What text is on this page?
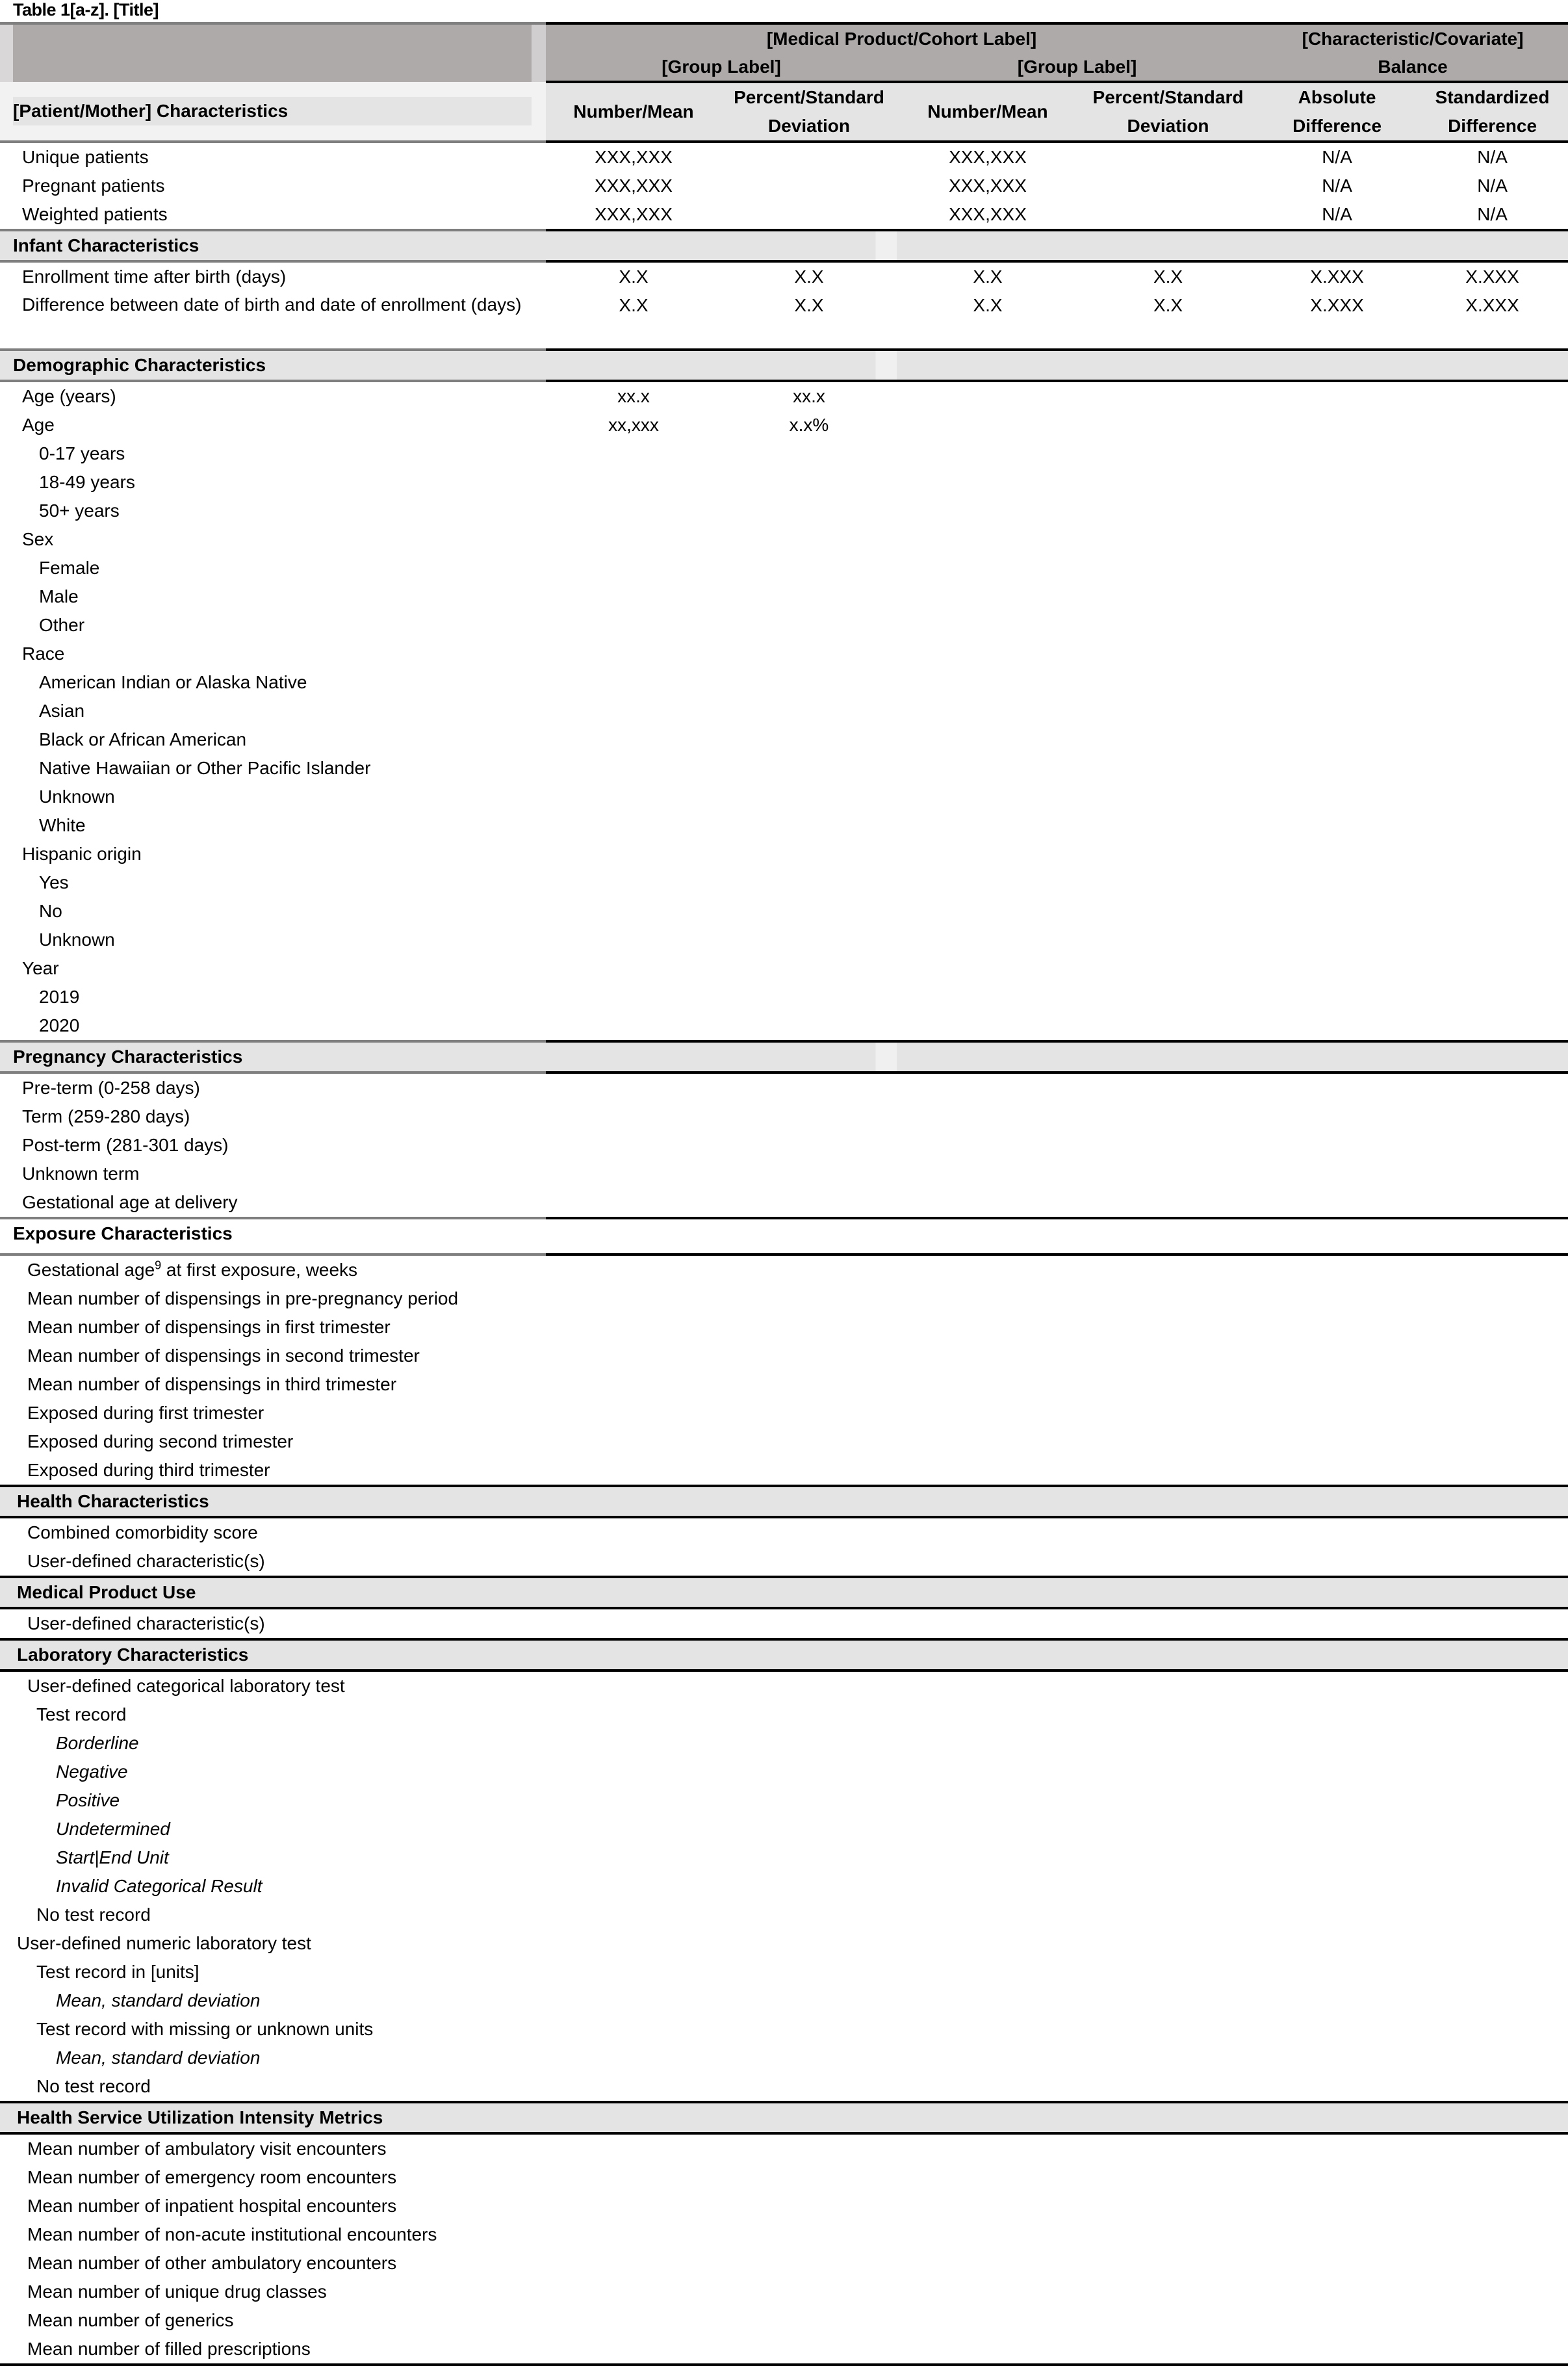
Table 1[a-z]. [Title]
	[Medical Product/Cohort Label]				[Characteristic/Covariate]	
	[Group Label]		[Group Label]		Balance	

[Patient/Mother] Characteristics	Number/Mean	Percent/Standard Deviation	Number/Mean	Percent/Standard Deviation	Absolute Difference	Standardized Difference
Unique patients	XXX,XXX		XXX,XXX		N/A	N/A
Pregnant patients	XXX,XXX		XXX,XXX		N/A	N/A
Weighted patients	XXX,XXX		XXX,XXX		N/A	N/A
Infant Characteristics						
Enrollment time after birth (days)	X.X	X.X	X.X	X.X	X.XXX	X.XXX
Difference between date of birth and date of enrollment (days)	X.X	X.X	X.X	X.X	X.XXX	X.XXX
Demographic Characteristics						
Age (years)	xx.x	xx.x				
Age	xx,xxx	x.x%				
0-17 years						
18-49 years						
50+ years						
Sex						
Female						
Male						
Other						
Race						
American Indian or Alaska Native						
Asian						
Black or African American						
Native Hawaiian or Other Pacific Islander						
Unknown						
White						
Hispanic origin						
Yes						
No						
Unknown						
Year						
2019						
2020						
Pregnancy Characteristics						
Pre-term (0-258 days)						
Term (259-280 days)						
Post-term (281-301 days)						
Unknown term						
Gestational age at delivery						
Exposure Characteristics						
Gestational age$^9$ at first exposure, weeks						
Mean number of dispensings in pre-pregnancy period						
Mean number of dispensings in first trimester						
Mean number of dispensings in second trimester						
Mean number of dispensings in third trimester						
Exposed during first trimester						
Exposed during second trimester						
Exposed during third trimester						
Health Characteristics						
Combined comorbidity score						
User-defined characteristic(s)						
Medical Product Use						
User-defined characteristic(s)						
Laboratory Characteristics						
User-defined categorical laboratory test						
Test record						
Borderline						
Negative						
Positive						
Undetermined						
Start|End Unit						
Invalid Categorical Result						
No test record						
User-defined numeric laboratory test						
Test record in [units]						
Mean, standard deviation						
Test record with missing or unknown units						
Mean, standard deviation						
No test record						
Health Service Utilization Intensity Metrics						
Mean number of ambulatory visit encounters						
Mean number of emergency room encounters						
Mean number of inpatient hospital encounters						
Mean number of non-acute institutional encounters						
Mean number of other ambulatory encounters						
Mean number of unique drug classes						
Mean number of generics						
Mean number of filled prescriptions						
